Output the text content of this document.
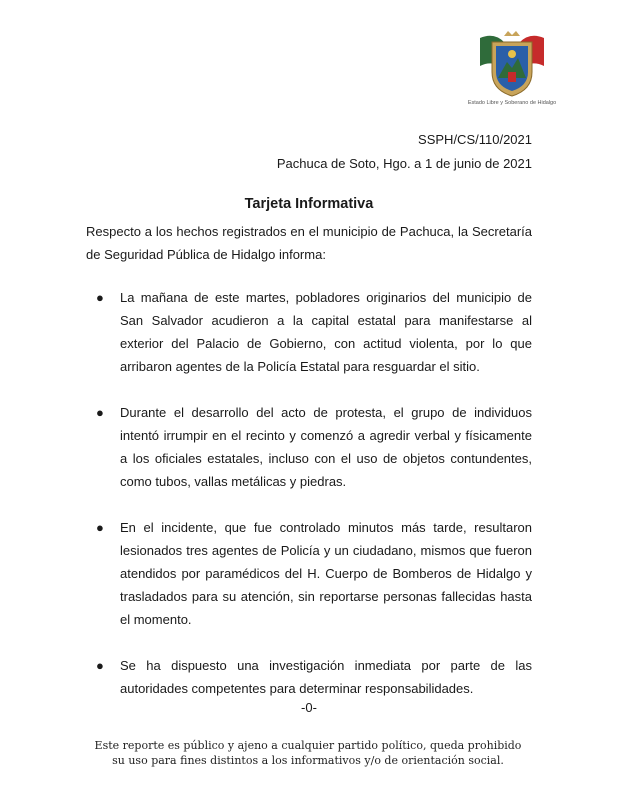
Estado Libre y Soberano de Hidalgo
SSPH/CS/110/2021
Pachuca de Soto, Hgo. a 1 de junio de 2021
Tarjeta Informativa
Respecto a los hechos registrados en el municipio de Pachuca, la Secretaría de Seguridad Pública de Hidalgo informa:
● La mañana de este martes, pobladores originarios del municipio de San Salvador acudieron a la capital estatal para manifestarse al exterior del Palacio de Gobierno, con actitud violenta, por lo que arribaron agentes de la Policía Estatal para resguardar el sitio.
● Durante el desarrollo del acto de protesta, el grupo de individuos intentó irrumpir en el recinto y comenzó a agredir verbal y físicamente a los oficiales estatales, incluso con el uso de objetos contundentes, como tubos, vallas metálicas y piedras.
● En el incidente, que fue controlado minutos más tarde, resultaron lesionados tres agentes de Policía y un ciudadano, mismos que fueron atendidos por paramédicos del H. Cuerpo de Bomberos de Hidalgo y trasladados para su atención, sin reportarse personas fallecidas hasta el momento.
● Se ha dispuesto una investigación inmediata por parte de las autoridades competentes para determinar responsabilidades.
-0-
Este reporte es público y ajeno a cualquier partido político, queda prohibido su uso para fines distintos a los informativos y/o de orientación social.
